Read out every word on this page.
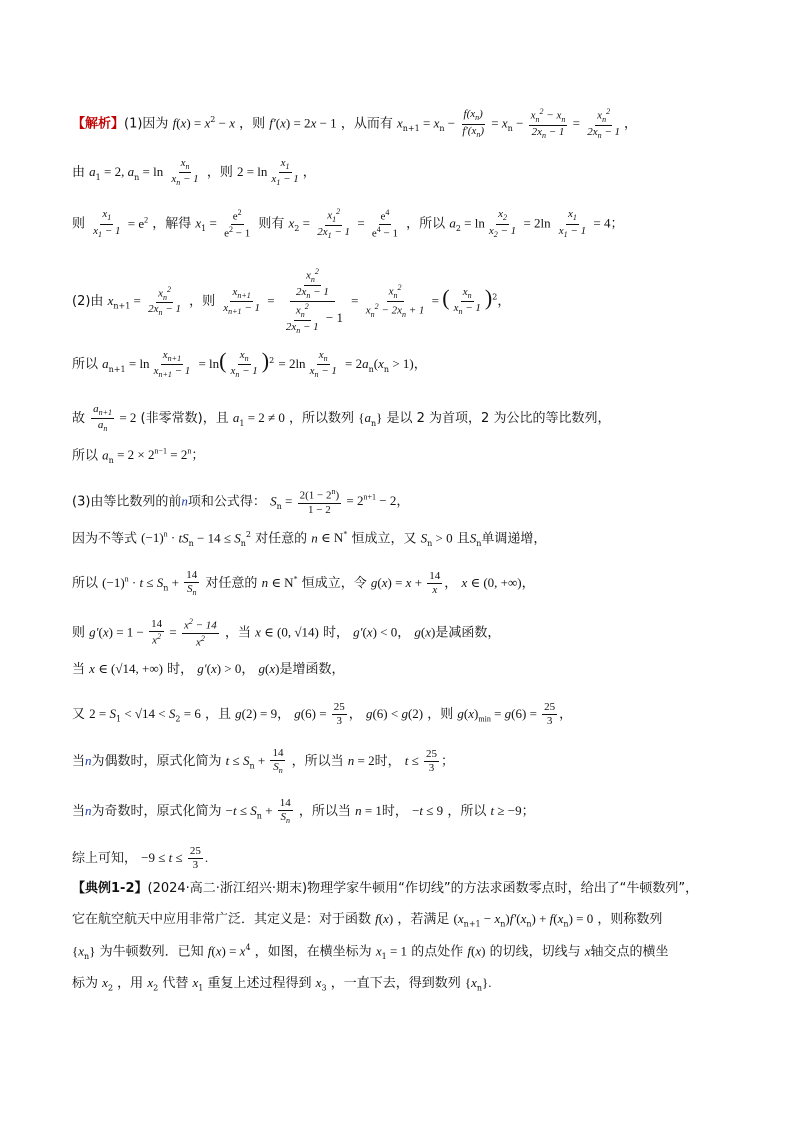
【解析】(1)因为 $f(x) = x^2 - x$ ，则 f′(x) = 2x − 1 ，从而有 $x_{n+1} = x_n - \frac{f(x_n)}{f'(x_n)} = x_n - \frac{x_n^2 - x_n}{2x_n - 1} = \frac{x_n^2}{2x_n - 1}$ ，
由 $a_1 = 2$, $a_n = \ln \frac{x_n}{x_n - 1}$ ，则 $2 = \ln \frac{x_1}{x_1 - 1}$ ，
则 $\frac{x_1}{x_1 - 1} = e^2$ ，解得 $x_1 = \frac{e^2}{e^2 - 1}$ 则有 $x_2 = \frac{x_1^2}{2x_1 - 1} = \frac{e^4}{e^4 - 1}$ ，所以 $a_2 = \ln \frac{x_2}{x_2 - 1} = 2\ln \frac{x_1}{x_1 - 1} = 4$；
(2)由 $x_{n+1} = \frac{x_n^2}{2x_n - 1}$ ，则 $\frac{x_{n+1}}{x_{n+1} - 1} = \frac{\frac{x_n^2}{2x_n - 1}}{\frac{x_n^2}{2x_n - 1} - 1} = \frac{x_n^2}{x_n^2 - 2x_n + 1}$ = ( $\frac{x_n}{x_n - 1} )^2$，
所以 $a_{n+1} = \ln \frac{x_{n+1}}{x_{n+1} - 1} = \ln( \frac{x_n}{x_n - 1} )^2 = 2\ln \frac{x_n}{x_n - 1} = 2a_n(x_n > 1)$，
故 $\frac{a_{n+1}}{a_n} = 2$ (非零常数)，且 $a_1 = 2 \ne 0$ ，所以数列 $\{a_n\}$ 是以 2 为首项，2 为公比的等比数列，
所以 $a_n = 2 \times 2^{n-1} = 2^n$；
(3)由等比数列的前n项和公式得： $S_n = \frac{2(1 - 2^n)}{1 - 2} = 2^{n+1} - 2$，
因为不等式 $(-1)^n \cdot tS_n - 14 \le S_n^2$ 对任意的 n ∈ N* 恒成立，又 $S_n > 0$ 且$S_n$单调递增，
所以 $(-1)^n \cdot t \le S_n + \frac{14}{S_n}$ 对任意的 n ∈ N* 恒成立，令 $g(x) = x + \frac{14}{x}$ ， x ∈ (0, +∞)，
则 $g'(x) = 1 - \frac{14}{x^2} = \frac{x^2 - 14}{x^2}$ ，当 x ∈ (0, √14) 时， g′(x) < 0， g(x)是减函数，
当 x ∈ (√14, +∞) 时， g′(x) > 0， g(x)是增函数，
又 $2 = S_1 < √14 < S_2 = 6$ ，且 g(2) = 9， $g(6) = \frac{25}{3}$ ， g(6) < g(2) ，则 $g(x)_{min} = g(6) = \frac{25}{3}$ ，
当n为偶数时，原式化简为 $t \le S_n + \frac{14}{S_n}$ ，所以当 n = 2时， $t \le \frac{25}{3}$ ；
当n为奇数时，原式化简为 $-t \le S_n + \frac{14}{S_n}$ ，所以当 n = 1时， −t ≤ 9 ，所以 t ≥ −9；
综上可知， $-9 \le t \le \frac{25}{3}$ .
【典例1-2】(2024·高二·浙江绍兴·期末)物理学家牛顿用“作切线”的方法求函数零点时，给出了“牛顿数列”，
它在航空航天中应用非常广泛．其定义是：对于函数 f(x) ，若满足 $(x_{n+1} - x_n)f'(x_n) + f(x_n) = 0$ ，则称数列
$\{x_n\}$ 为牛顿数列．已知 $f(x) = x^4$ ，如图，在横坐标为 $x_1 = 1$ 的点处作 f(x) 的切线，切线与 x轴交点的横坐
标为 $x_2$ ，用 $x_2$ 代替 $x_1$ 重复上述过程得到 $x_3$ ，一直下去，得到数列 $\{x_n\}$.
